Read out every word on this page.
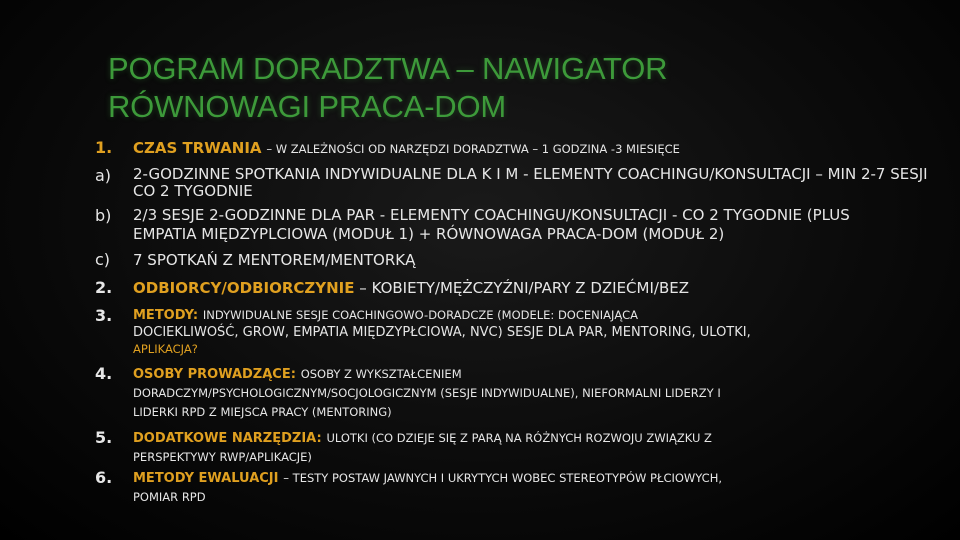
POGRAM DORADZTWA – NAWIGATOR
RÓWNOWAGI PRACA-DOM
1.	CZAS TRWANIA – W ZALEŻNOŚCI OD NARZĘDZI DORADZTWA – 1 GODZINA -3 MIESIĘCE
a)	2-GODZINNE SPOTKANIA INDYWIDUALNE DLA K I M - ELEMENTY COACHINGU/KONSULTACJI – MIN 2-7 SESJI
CO 2 TYGODNIE
b)	2/3 SESJE 2-GODZINNE DLA PAR - ELEMENTY COACHINGU/KONSULTACJI - CO 2 TYGODNIE (PLUS
EMPATIA MIĘDZYPLCIOWA (MODUŁ 1) + RÓWNOWAGA PRACA-DOM (MODUŁ 2)
c)	7 SPOTKAŃ Z MENTOREM/MENTORKĄ
2.	ODBIORCY/ODBIORCZYNIE – KOBIETY/MĘŻCZYŹNI/PARY Z DZIEĆMI/BEZ
3.	METODY: INDYWIDUALNE SESJE COACHINGOWO-DORADCZE (MODELE: DOCENIAJĄCA
DOCIEKLIWOŚĆ, GROW, EMPATIA MIĘDZYPŁCIOWA, NVC) SESJE DLA PAR, MENTORING, ULOTKI,
APLIKACJA?
4.	OSOBY PROWADZĄCE: OSOBY Z WYKSZTAŁCENIEM
DORADCZYM/PSYCHOLOGICZNYM/SOCJOLOGICZNYM (SESJE INDYWIDUALNE), NIEFORMALNI LIDERZY I
LIDERKI RPD Z MIEJSCA PRACY (MENTORING)
5.	DODATKOWE NARZĘDZIA: ULOTKI (CO DZIEJE SIĘ Z PARĄ NA RÓŻNYCH ROZWOJU ZWIĄZKU Z
PERSPEKTYWY RWP/APLIKACJE)
6.	METODY EWALUACJI – TESTY POSTAW JAWNYCH I UKRYTYCH WOBEC STEREOTYPÓW PŁCIOWYCH,
POMIAR RPD
